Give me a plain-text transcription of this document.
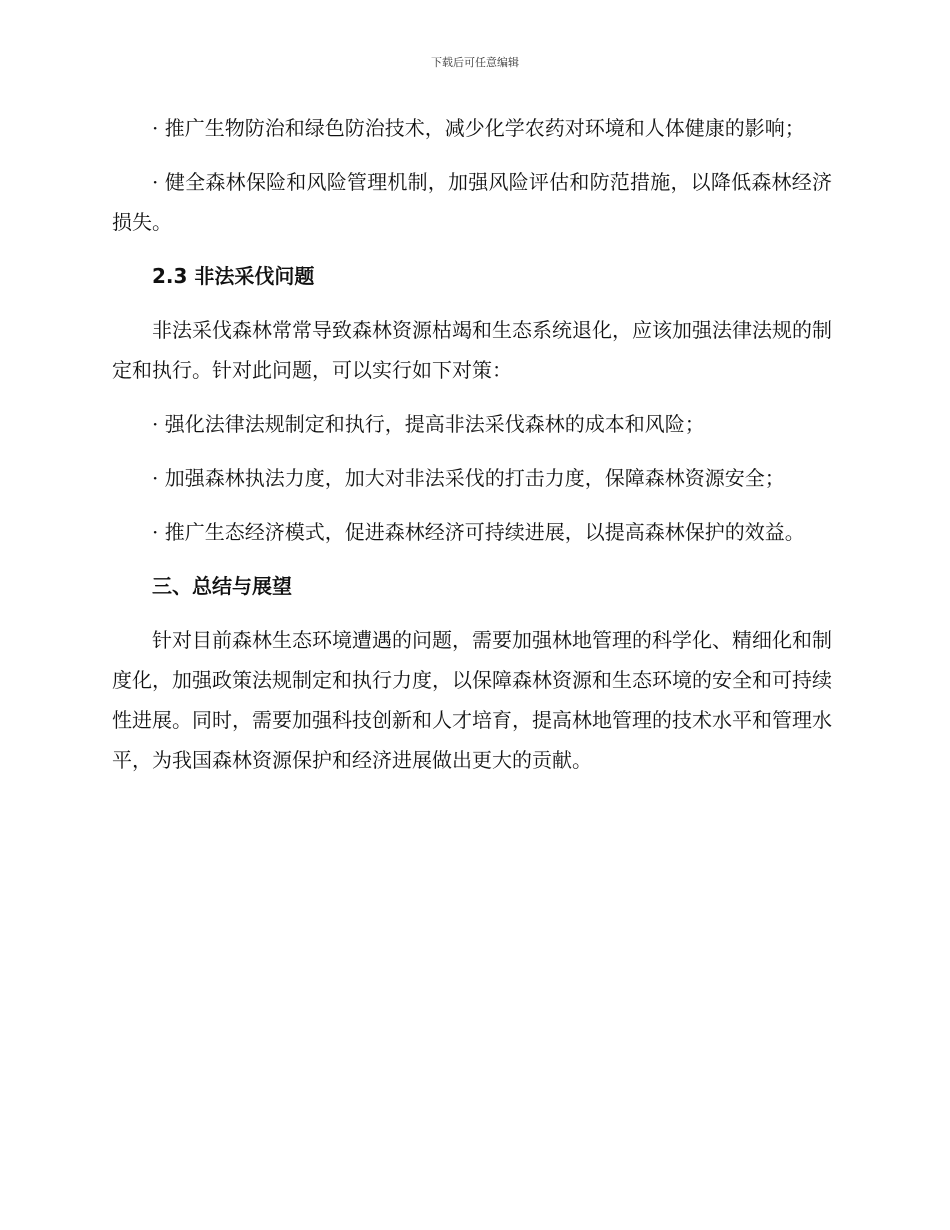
下载后可任意编辑

· 推广生物防治和绿色防治技术，减少化学农药对环境和人体健康的影响；

· 健全森林保险和风险管理机制，加强风险评估和防范措施，以降低森林经济损失。

2.3 非法采伐问题

非法采伐森林常常导致森林资源枯竭和生态系统退化，应该加强法律法规的制定和执行。针对此问题，可以实行如下对策：

· 强化法律法规制定和执行，提高非法采伐森林的成本和风险；

· 加强森林执法力度，加大对非法采伐的打击力度，保障森林资源安全；

· 推广生态经济模式，促进森林经济可持续进展，以提高森林保护的效益。

三、总结与展望

针对目前森林生态环境遭遇的问题，需要加强林地管理的科学化、精细化和制度化，加强政策法规制定和执行力度，以保障森林资源和生态环境的安全和可持续性进展。同时，需要加强科技创新和人才培育，提高林地管理的技术水平和管理水平，为我国森林资源保护和经济进展做出更大的贡献。
